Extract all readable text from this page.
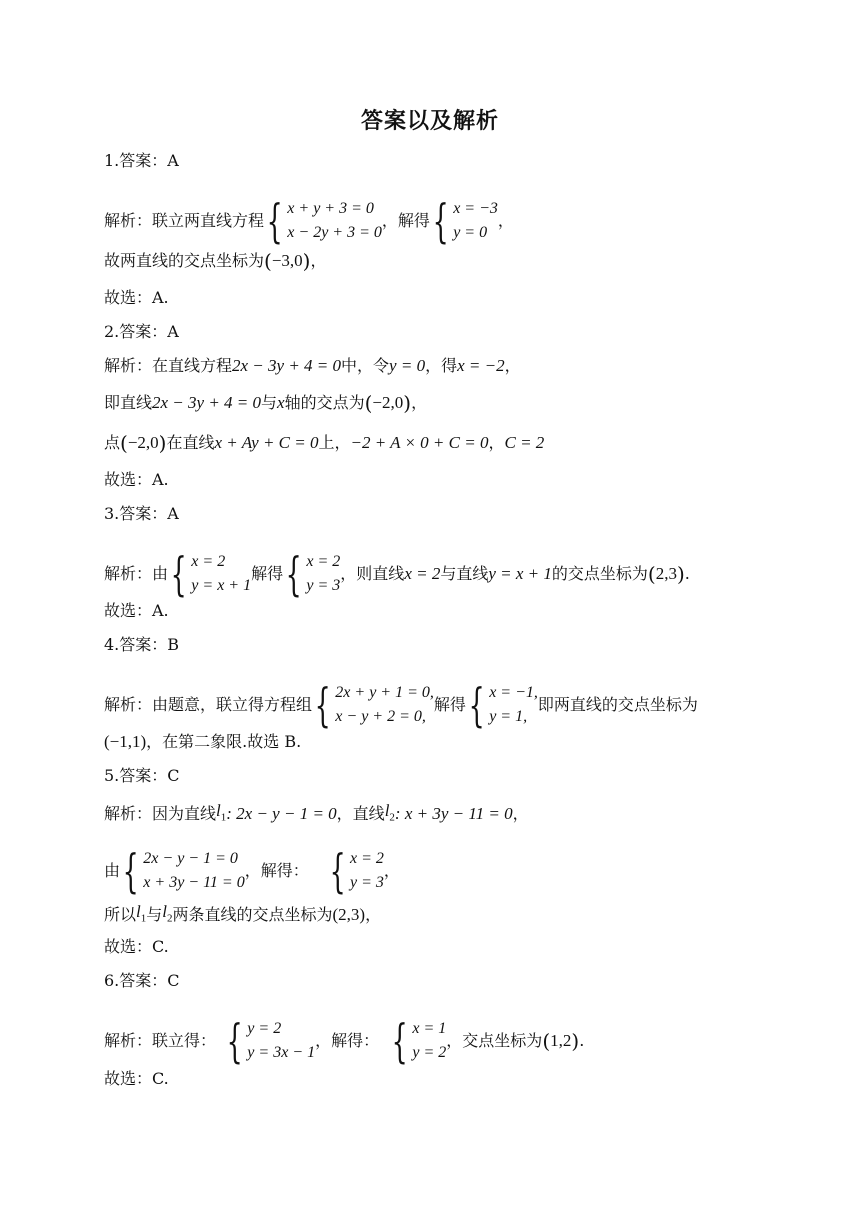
答案以及解析
1.答案：A
解析：联立两直线方程 { x + y + 3 = 0
x − 2y + 3 = 0
，解得 { x = −3
y = 0
，
故两直线的交点坐标为 ( −3,0 ) ，
故选：A.
2.答案：A
解析：在直线方程 2x − 3y + 4 = 0 中，令 y = 0 ，得 x = −2 ，
即直线 2x − 3y + 4 = 0 与 x 轴的交点为 ( −2,0 ) ，
点 ( −2,0 ) 在直线 x + Ay + C = 0 上， −2 + A × 0 + C = 0 ， C = 2
故选：A.
3.答案：A
解析：由 { x = 2
y = x + 1
解得 { x = 2
y = 3
，则直线 x = 2 与直线 y = x + 1 的交点坐标为 ( 2,3 ) .
故选：A.
4.答案：B
解析：由题意，联立得方程组 { 2x + y + 1 = 0,
x − y + 2 = 0,
解得 { x = −1,
y = 1,
即两直线的交点坐标为
(−1,1) ，在第二象限.故选 B.
5.答案：C
解析：因为直线 $l_1$ : 2x − y − 1 = 0 ，直线 $l_2$ : x + 3y − 11 = 0 ，
由 { 2x − y − 1 = 0
x + 3y − 11 = 0
，解得： { x = 2
y = 3
，
所以 $l_1$ 与 $l_2$ 两条直线的交点坐标为 (2,3) ，
故选：C.
6.答案：C
解析：联立得： { y = 2
y = 3x − 1
，解得： { x = 1
y = 2
，交点坐标为 ( 1,2 ) .
故选：C.
